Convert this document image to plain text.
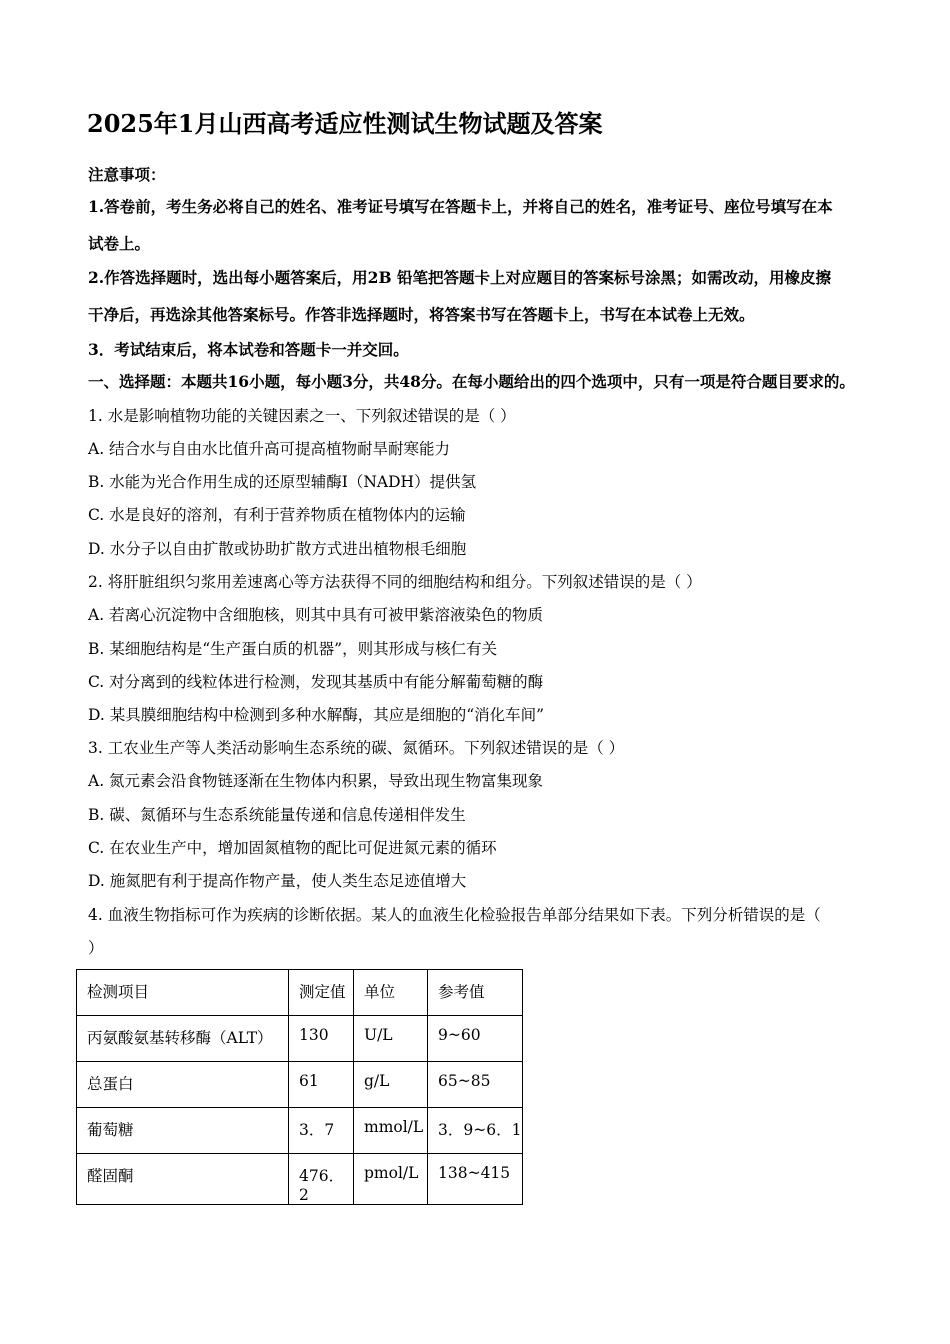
2025年1月山西高考适应性测试生物试题及答案
注意事项：
1.答卷前，考生务必将自己的姓名、准考证号填写在答题卡上，并将自己的姓名，准考证号、座位号填写在本
试卷上。
2.作答选择题时，选出每小题答案后，用2B 铅笔把答题卡上对应题目的答案标号涂黑；如需改动，用橡皮擦
干净后，再选涂其他答案标号。作答非选择题时，将答案书写在答题卡上，书写在本试卷上无效。
3．考试结束后，将本试卷和答题卡一并交回。
一、选择题：本题共16小题，每小题3分，共48分。在每小题给出的四个选项中，只有一项是符合题目要求的。
1. 水是影响植物功能的关键因素之一、下列叙述错误的是（ ）
A. 结合水与自由水比值升高可提高植物耐旱耐寒能力
B. 水能为光合作用生成的还原型辅酶Ⅰ（NADH）提供氢
C. 水是良好的溶剂，有利于营养物质在植物体内的运输
D. 水分子以自由扩散或协助扩散方式进出植物根毛细胞
2. 将肝脏组织匀浆用差速离心等方法获得不同的细胞结构和组分。下列叙述错误的是（ ）
A. 若离心沉淀物中含细胞核，则其中具有可被甲紫溶液染色的物质
B. 某细胞结构是“生产蛋白质的机器”，则其形成与核仁有关
C. 对分离到的线粒体进行检测，发现其基质中有能分解葡萄糖的酶
D. 某具膜细胞结构中检测到多种水解酶，其应是细胞的“消化车间”
3. 工农业生产等人类活动影响生态系统的碳、氮循环。下列叙述错误的是（ ）
A. 氮元素会沿食物链逐渐在生物体内积累，导致出现生物富集现象
B. 碳、氮循环与生态系统能量传递和信息传递相伴发生
C. 在农业生产中，增加固氮植物的配比可促进氮元素的循环
D. 施氮肥有利于提高作物产量，使人类生态足迹值增大
4. 血液生物指标可作为疾病的诊断依据。某人的血液生化检验报告单部分结果如下表。下列分析错误的是（
）
检测项目	测定值	单位	参考值
丙氨酸氨基转移酶（ALT）	130	U/L	9~60
总蛋白	61	g/L	65~85
葡萄糖	3．7	mmol/L	3．9~6．1
醛固酮	476．2	pmol/L	138~415
